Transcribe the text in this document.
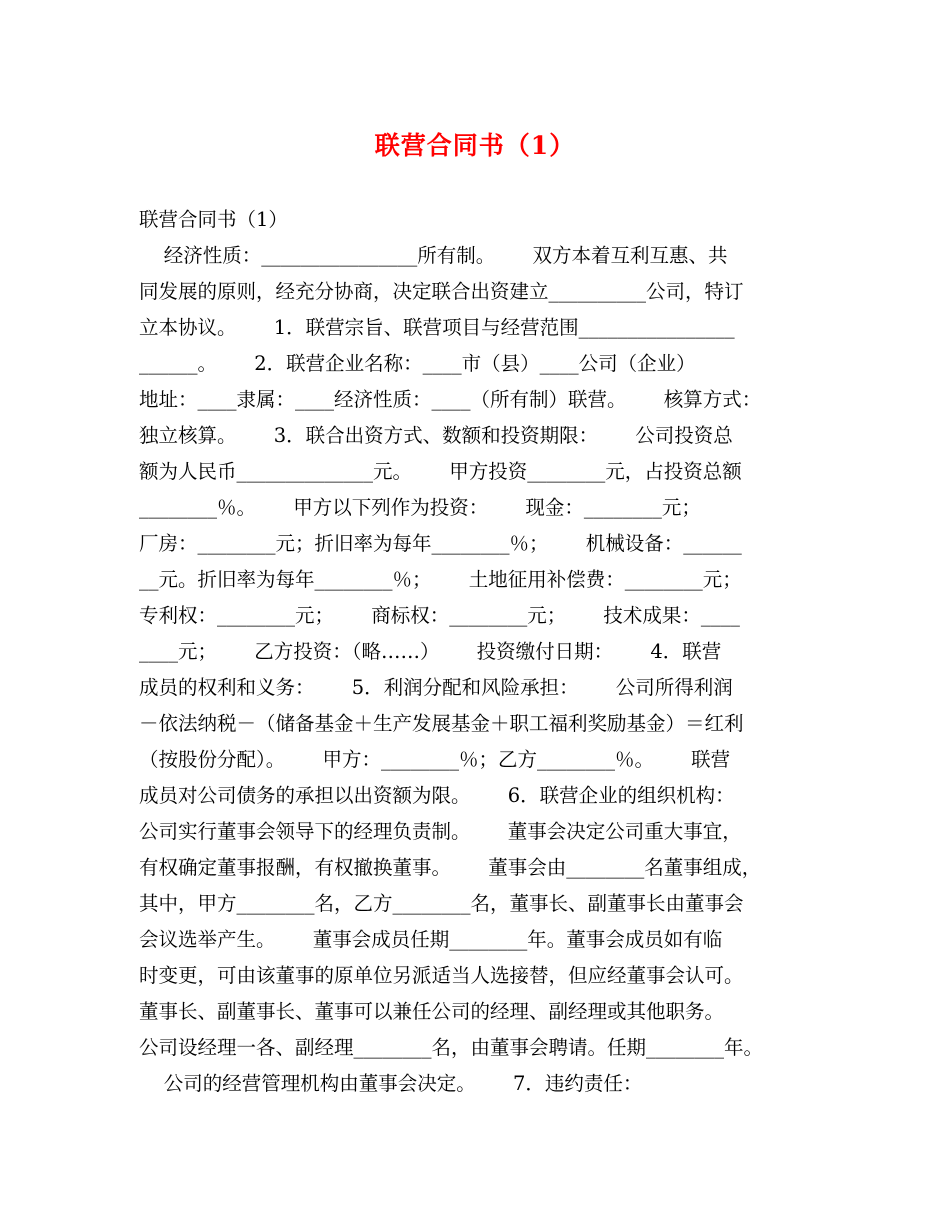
联营合同书（1）
联营合同书（1）
经济性质：________________所有制。      双方本着互利互惠、共
同发展的原则，经充分协商，决定联合出资建立__________公司，特订
立本协议。      1．联营宗旨、联营项目与经营范围________________
______。      2．联营企业名称：____市（县）____公司（企业）
地址：____隶属：____经济性质：____（所有制）联营。      核算方式：
独立核算。      3．联合出资方式、数额和投资期限：      公司投资总
额为人民币______________元。      甲方投资________元，占投资总额
________％。      甲方以下列作为投资：      现金：________元；
厂房：________元；折旧率为每年________％；      机械设备：______
__元。折旧率为每年________％；      土地征用补偿费：________元；
专利权：________元；      商标权：________元；      技术成果：____
____元；      乙方投资：（略……）      投资缴付日期：      4．联营
成员的权利和义务：      5．利润分配和风险承担：      公司所得利润
－依法纳税－（储备基金＋生产发展基金＋职工福利奖励基金）＝红利
（按股份分配）。      甲方：________％；乙方________％。      联营
成员对公司债务的承担以出资额为限。      6．联营企业的组织机构：
公司实行董事会领导下的经理负责制。      董事会决定公司重大事宜，
有权确定董事报酬，有权撤换董事。      董事会由________名董事组成，
其中，甲方________名，乙方________名，董事长、副董事长由董事会
会议选举产生。      董事会成员任期________年。董事会成员如有临
时变更，可由该董事的原单位另派适当人选接替，但应经董事会认可。
董事长、副董事长、董事可以兼任公司的经理、副经理或其他职务。
公司设经理一各、副经理________名，由董事会聘请。任期________年。
公司的经营管理机构由董事会决定。      7．违约责任：
